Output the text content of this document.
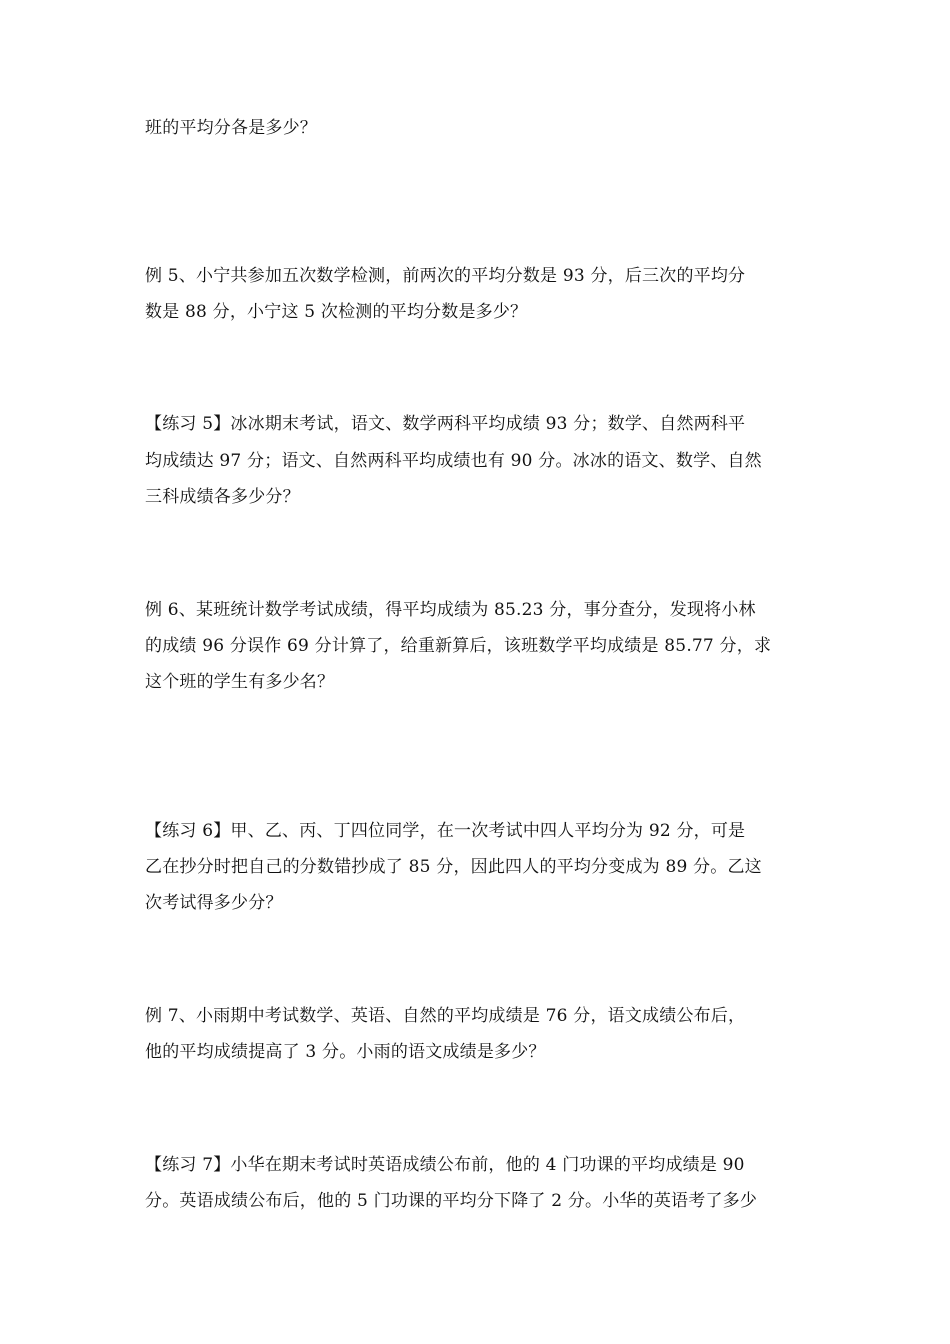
班的平均分各是多少？
例 5、小宁共参加五次数学检测，前两次的平均分数是 93 分，后三次的平均分
数是 88 分，小宁这 5 次检测的平均分数是多少？
【练习 5】冰冰期末考试，语文、数学两科平均成绩 93 分；数学、自然两科平
均成绩达 97 分；语文、自然两科平均成绩也有 90 分。冰冰的语文、数学、自然
三科成绩各多少分？
例 6、某班统计数学考试成绩，得平均成绩为 85.23 分，事分查分，发现将小林
的成绩 96 分误作 69 分计算了，给重新算后，该班数学平均成绩是 85.77 分，求
这个班的学生有多少名？
【练习 6】甲、乙、丙、丁四位同学，在一次考试中四人平均分为 92 分，可是
乙在抄分时把自己的分数错抄成了 85 分，因此四人的平均分变成为 89 分。乙这
次考试得多少分？
例 7、小雨期中考试数学、英语、自然的平均成绩是 76 分，语文成绩公布后，
他的平均成绩提高了 3 分。小雨的语文成绩是多少？
【练习 7】小华在期末考试时英语成绩公布前，他的 4 门功课的平均成绩是 90
分。英语成绩公布后，他的 5 门功课的平均分下降了 2 分。小华的英语考了多少
